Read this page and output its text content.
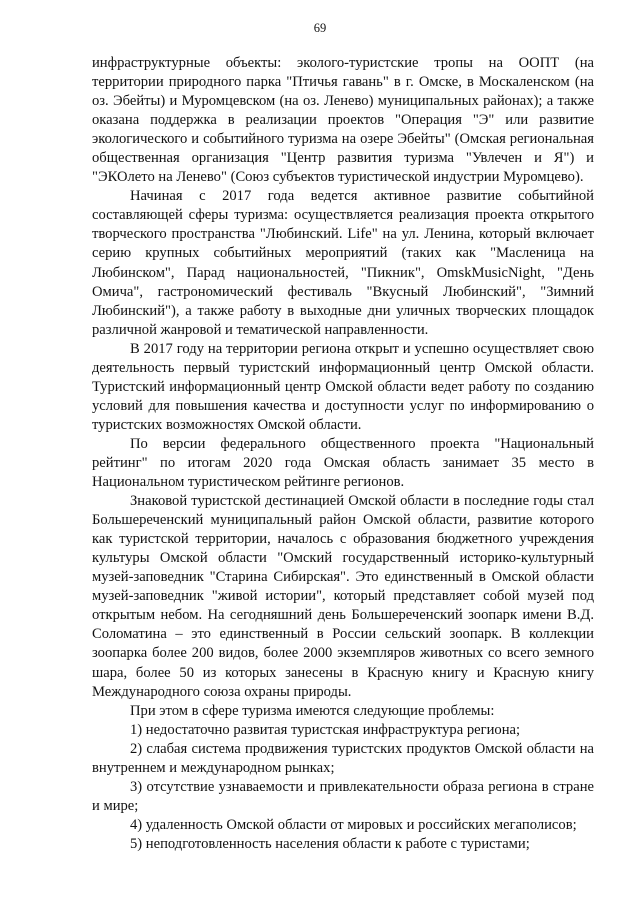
69

инфраструктурные объекты: эколого-туристские тропы на ООПТ (на территории природного парка "Птичья гавань" в г. Омске, в Москаленском (на оз. Эбейты) и Муромцевском (на оз. Ленево) муниципальных районах); а также оказана поддержка в реализации проектов "Операция "Э" или развитие экологического и событийного туризма на озере Эбейты" (Омская региональная общественная организация "Центр развития туризма "Увлечен и Я") и "ЭКОлето на Ленево" (Союз субъектов туристической индустрии Муромцево).

Начиная с 2017 года ведется активное развитие событийной составляющей сферы туризма: осуществляется реализация проекта открытого творческого пространства "Любинский. Life" на ул. Ленина, который включает серию крупных событийных мероприятий (таких как "Масленица на Любинском", Парад национальностей, "Пикник", OmskMusicNight, "День Омича", гастрономический фестиваль "Вкусный Любинский", "Зимний Любинский"), а также работу в выходные дни уличных творческих площадок различной жанровой и тематической направленности.

В 2017 году на территории региона открыт и успешно осуществляет свою деятельность первый туристский информационный центр Омской области. Туристский информационный центр Омской области ведет работу по созданию условий для повышения качества и доступности услуг по информированию о туристских возможностях Омской области.

По версии федерального общественного проекта "Национальный рейтинг" по итогам 2020 года Омская область занимает 35 место в Национальном туристическом рейтинге регионов.

Знаковой туристской дестинацией Омской области в последние годы стал Большереченский муниципальный район Омской области, развитие которого как туристской территории, началось с образования бюджетного учреждения культуры Омской области "Омский государственный историко-культурный музей-заповедник "Старина Сибирская". Это единственный в Омской области музей-заповедник "живой истории", который представляет собой музей под открытым небом. На сегодняшний день Большереченский зоопарк имени В.Д. Соломатина – это единственный в России сельский зоопарк. В коллекции зоопарка более 200 видов, более 2000 экземпляров животных со всего земного шара, более 50 из которых занесены в Красную книгу и Красную книгу Международного союза охраны природы.

При этом в сфере туризма имеются следующие проблемы:

1) недостаточно развитая туристская инфраструктура региона;

2) слабая система продвижения туристских продуктов Омской области на внутреннем и международном рынках;

3) отсутствие узнаваемости и привлекательности образа региона в стране и мире;

4) удаленность Омской области от мировых и российских мегаполисов;

5) неподготовленность населения области к работе с туристами;
